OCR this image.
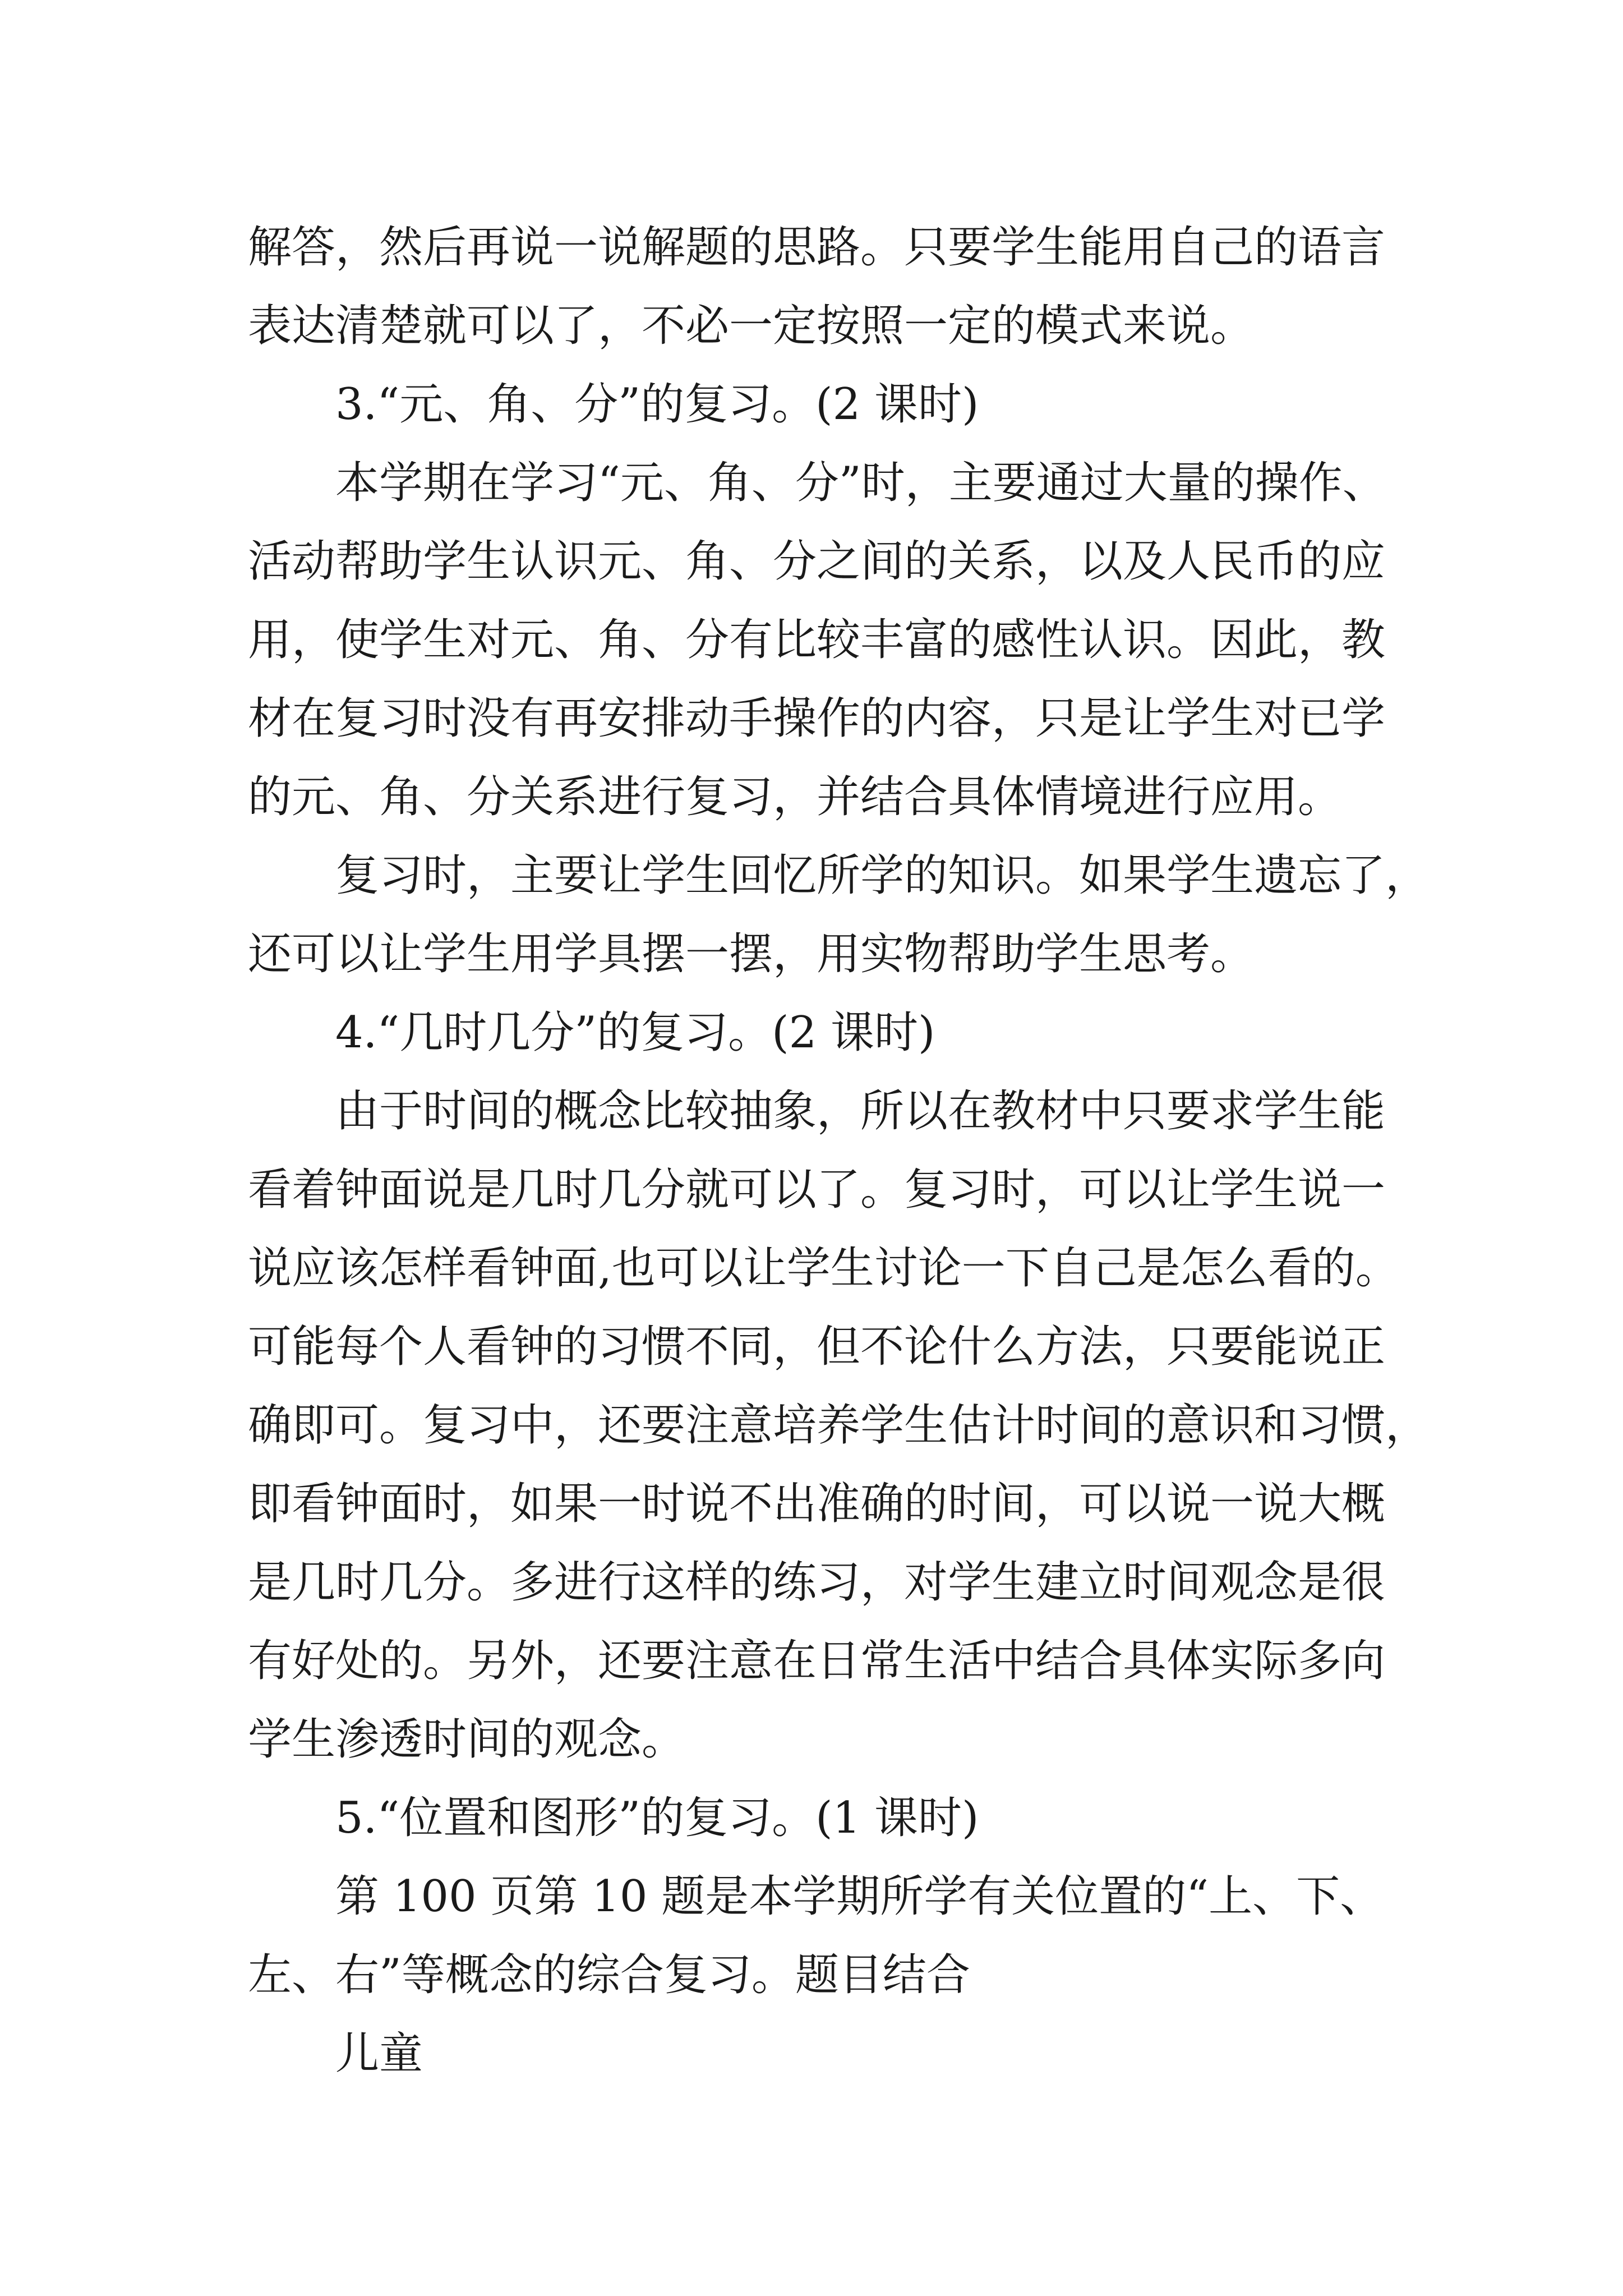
解答，然后再说一说解题的思路。只要学生能用自己的语言
表达清楚就可以了，不必一定按照一定的模式来说。
3.“元、角、分”的复习。(2 课时)
本学期在学习“元、角、分”时，主要通过大量的操作、
活动帮助学生认识元、角、分之间的关系，以及人民币的应
用，使学生对元、角、分有比较丰富的感性认识。因此，教
材在复习时没有再安排动手操作的内容，只是让学生对已学
的元、角、分关系进行复习，并结合具体情境进行应用。
复习时，主要让学生回忆所学的知识。如果学生遗忘了，
还可以让学生用学具摆一摆，用实物帮助学生思考。
4.“几时几分”的复习。(2 课时)
由于时间的概念比较抽象，所以在教材中只要求学生能
看着钟面说是几时几分就可以了。复习时，可以让学生说一
说应该怎样看钟面,也可以让学生讨论一下自己是怎么看的。
可能每个人看钟的习惯不同，但不论什么方法，只要能说正
确即可。复习中，还要注意培养学生估计时间的意识和习惯，
即看钟面时，如果一时说不出准确的时间，可以说一说大概
是几时几分。多进行这样的练习，对学生建立时间观念是很
有好处的。另外，还要注意在日常生活中结合具体实际多向
学生渗透时间的观念。
5.“位置和图形”的复习。(1 课时)
第 100 页第 10 题是本学期所学有关位置的“上、下、
左、右”等概念的综合复习。题目结合
儿童
